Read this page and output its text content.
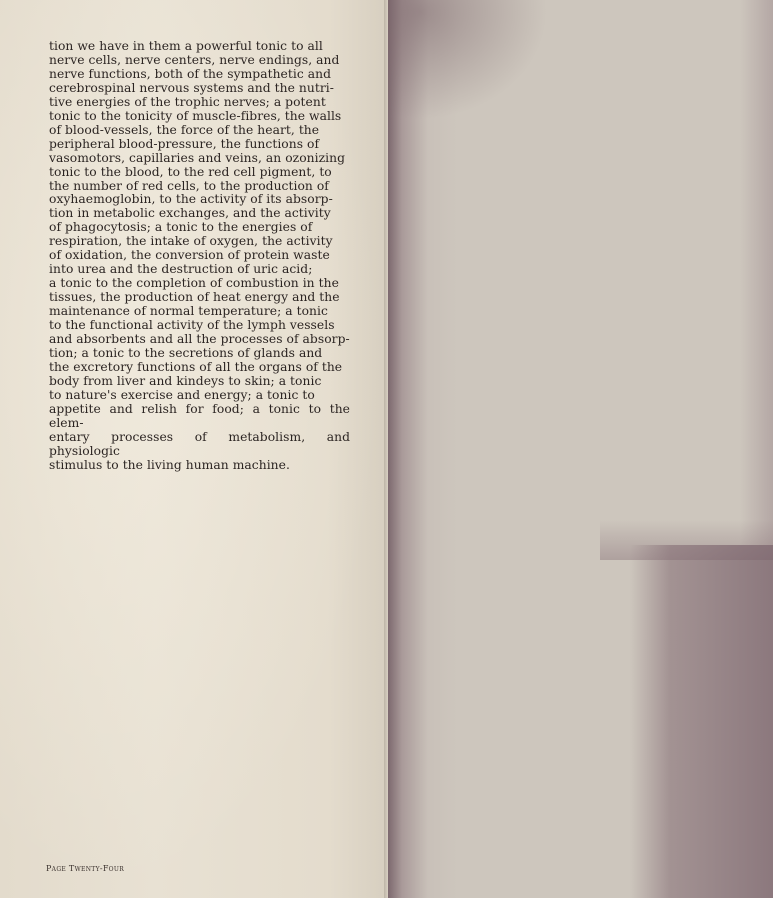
tion we have in them a powerful tonic to all
nerve cells, nerve centers, nerve endings, and
nerve functions, both of the sympathetic and
cerebrospinal nervous systems and the nutri-
tive energies of the trophic nerves; a potent
tonic to the tonicity of muscle-fibres, the walls
of blood-vessels, the force of the heart, the
peripheral blood-pressure, the functions of
vasomotors, capillaries and veins, an ozonizing
tonic to the blood, to the red cell pigment, to
the number of red cells, to the production of
oxyhaemoglobin, to the activity of its absorp-
tion in metabolic exchanges, and the activity
of phagocytosis; a tonic to the energies of
respiration, the intake of oxygen, the activity
of oxidation, the conversion of protein waste
into urea and the destruction of uric acid;
a tonic to the completion of combustion in the
tissues, the production of heat energy and the
maintenance of normal temperature; a tonic
to the functional activity of the lymph vessels
and absorbents and all the processes of absorp-
tion; a tonic to the secretions of glands and
the excretory functions of all the organs of the
body from liver and kindeys to skin; a tonic
to nature's exercise and energy; a tonic to
appetite and relish for food; a tonic to the elem-
entary processes of metabolism, and physiologic
stimulus to the living human machine.

Page Twenty-Four
